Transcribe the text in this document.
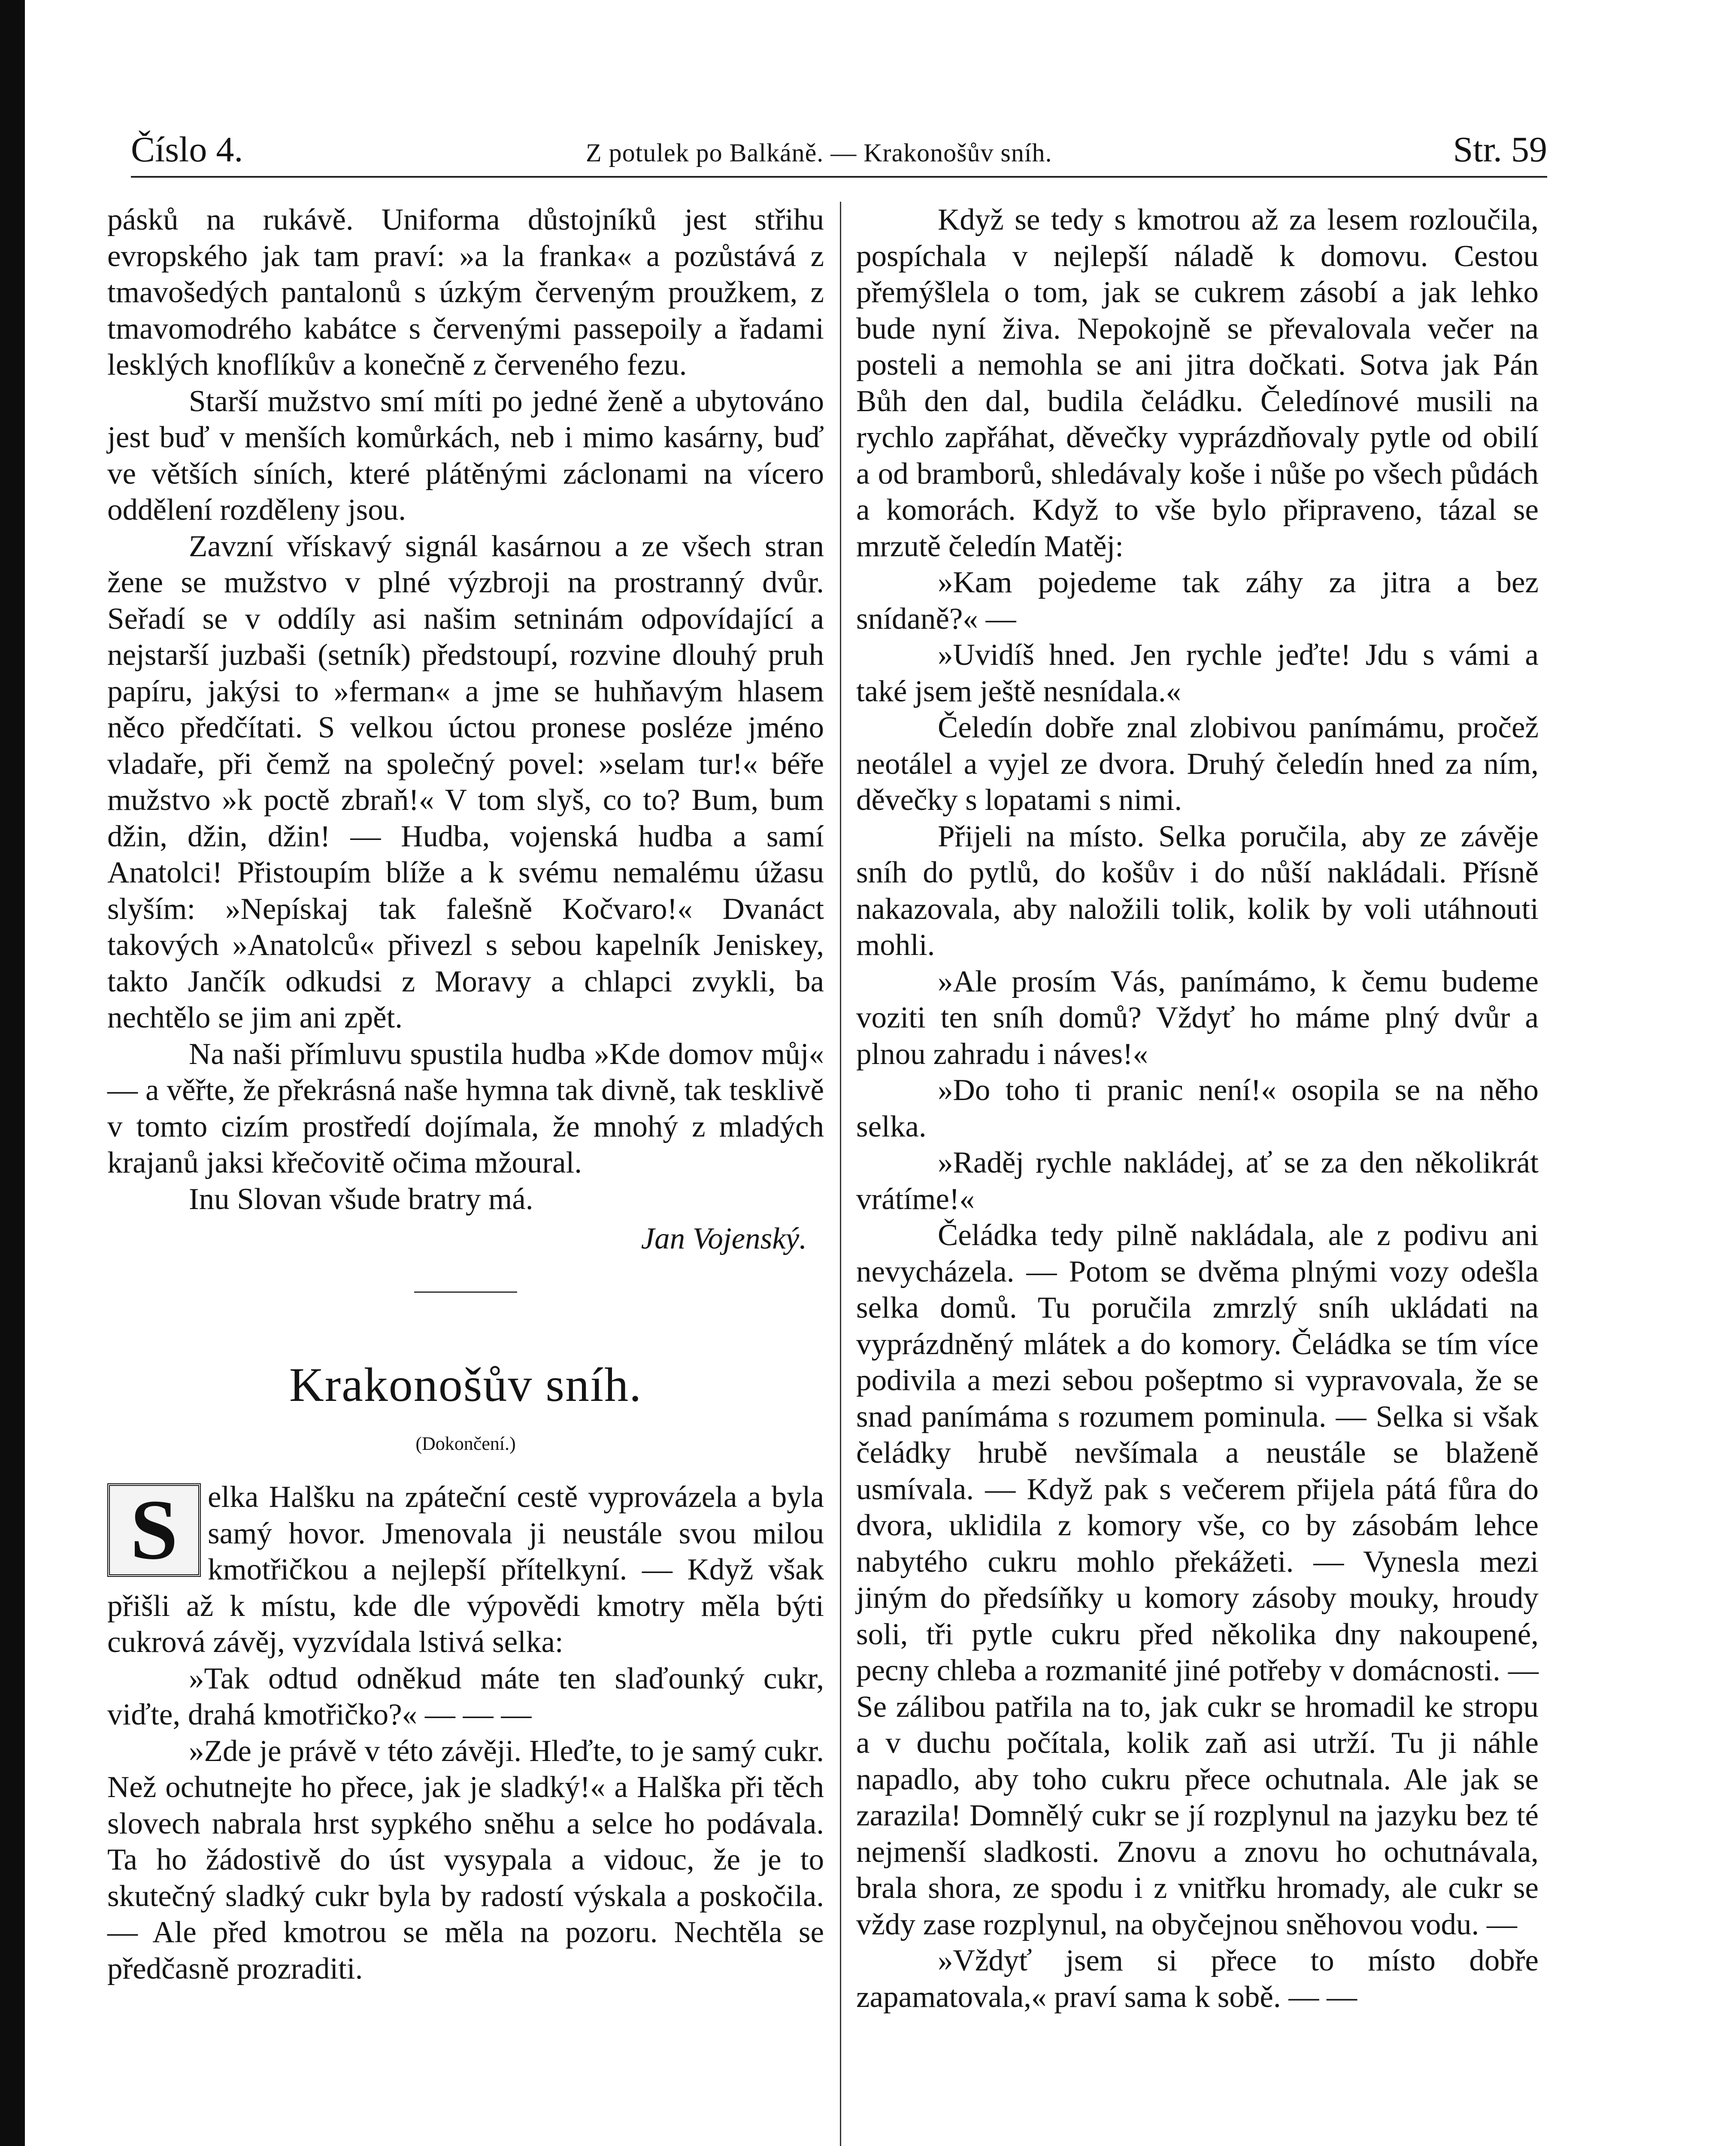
Číslo 4.	Z potulek po Balkáně. — Krakonošův sníh.	Str. 59

pásků na rukávě. Uniforma důstojníků jest střihu evropského jak tam praví: »a la franka« a pozůstává z tmavošedých pantalonů s úzkým červeným proužkem, z tmavomodrého kabátce s červenými passepoily a řadami lesklých knoflíkův a konečně z červeného fezu.

Starší mužstvo smí míti po jedné ženě a ubytováno jest buď v menších komůrkách, neb i mimo kasárny, buď ve větších síních, které plátěnými záclonami na vícero oddělení rozděleny jsou.

Zavzní vřískavý signál kasárnou a ze všech stran žene se mužstvo v plné výzbroji na prostranný dvůr. Seřadí se v oddíly asi našim setninám odpovídající a nejstarší juzbaši (setník) předstoupí, rozvine dlouhý pruh papíru, jakýsi to »ferman« a jme se huhňavým hlasem něco předčítati. S velkou úctou pronese posléze jméno vladaře, při čemž na společný povel: »selam tur!« béře mužstvo »k poctě zbraň!« V tom slyš, co to? Bum, bum džin, džin, džin! — Hudba, vojenská hudba a samí Anatolci! Přistoupím blíže a k svému nemalému úžasu slyším: »Nepískaj tak falešně Kočvaro!« Dvanáct takových »Anatolců« přivezl s sebou kapelník Jeniskey, takto Jančík odkudsi z Moravy a chlapci zvykli, ba nechtělo se jim ani zpět.

Na naši přímluvu spustila hudba »Kde domov můj« — a věřte, že překrásná naše hymna tak divně, tak tesklivě v tomto cizím prostředí dojímala, že mnohý z mladých krajanů jaksi křečovitě očima mžoural.

Inu Slovan všude bratry má.

Jan Vojenský.
Krakonošův sníh.
(Dokončení.)
S elka Halšku na zpáteční cestě vyprovázela a byla samý hovor. Jmenovala ji neustále svou milou kmotřičkou a nejlepší přítelkyní. — Když však přišli až k místu, kde dle výpovědi kmotry měla býti cukrová závěj, vyzvídala lstivá selka:

»Tak odtud odněkud máte ten slaďounký cukr, viďte, drahá kmotřičko?« — — —

»Zde je právě v této závěji. Hleďte, to je samý cukr. Než ochutnejte ho přece, jak je sladký!« a Halška při těch slovech nabrala hrst sypkého sněhu a selce ho podávala. Ta ho žádostivě do úst vysypala a vidouc, že je to skutečný sladký cukr byla by radostí výskala a poskočila. — Ale před kmotrou se měla na pozoru. Nechtěla se předčasně prozraditi.

Když se tedy s kmotrou až za lesem rozloučila, pospíchala v nejlepší náladě k domovu. Cestou přemýšlela o tom, jak se cukrem zásobí a jak lehko bude nyní živa. Nepokojně se převalovala večer na posteli a nemohla se ani jitra dočkati. Sotva jak Pán Bůh den dal, budila čeládku. Čeledínové musili na rychlo zapřáhat, děvečky vyprázdňovaly pytle od obilí a od bramborů, shledávaly koše i nůše po všech půdách a komorách. Když to vše bylo připraveno, tázal se mrzutě čeledín Matěj:

»Kam pojedeme tak záhy za jitra a bez snídaně?« —

»Uvidíš hned. Jen rychle jeďte! Jdu s vámi a také jsem ještě nesnídala.«

Čeledín dobře znal zlobivou panímámu, pročež neotálel a vyjel ze dvora. Druhý čeledín hned za ním, děvečky s lopatami s nimi.

Přijeli na místo. Selka poručila, aby ze závěje sníh do pytlů, do košův i do nůší nakládali. Přísně nakazovala, aby naložili tolik, kolik by voli utáhnouti mohli.

»Ale prosím Vás, panímámo, k čemu budeme voziti ten sníh domů? Vždyť ho máme plný dvůr a plnou zahradu i náves!«

»Do toho ti pranic není!« osopila se na něho selka.

»Raděj rychle nakládej, ať se za den několikrát vrátíme!«

Čeládka tedy pilně nakládala, ale z podivu ani nevycházela. — Potom se dvěma plnými vozy odešla selka domů. Tu poručila zmrzlý sníh ukládati na vyprázdněný mlátek a do komory. Čeládka se tím více podivila a mezi sebou pošeptmo si vypravovala, že se snad panímáma s rozumem pominula. — Selka si však čeládky hrubě nevšímala a neustále se blaženě usmívala. — Když pak s večerem přijela pátá fůra do dvora, uklidila z komory vše, co by zásobám lehce nabytého cukru mohlo překážeti. — Vynesla mezi jiným do předsíňky u komory zásoby mouky, hroudy soli, tři pytle cukru před několika dny nakoupené, pecny chleba a rozmanité jiné potřeby v domácnosti. — Se zálibou patřila na to, jak cukr se hromadil ke stropu a v duchu počítala, kolik zaň asi utrží. Tu ji náhle napadlo, aby toho cukru přece ochutnala. Ale jak se zarazila! Domnělý cukr se jí rozplynul na jazyku bez té nejmenší sladkosti. Znovu a znovu ho ochutnávala, brala shora, ze spodu i z vnitřku hromady, ale cukr se vždy zase rozplynul, na obyčejnou sněhovou vodu. —

»Vždyť jsem si přece to místo dobře zapamatovala,« praví sama k sobě. — —
